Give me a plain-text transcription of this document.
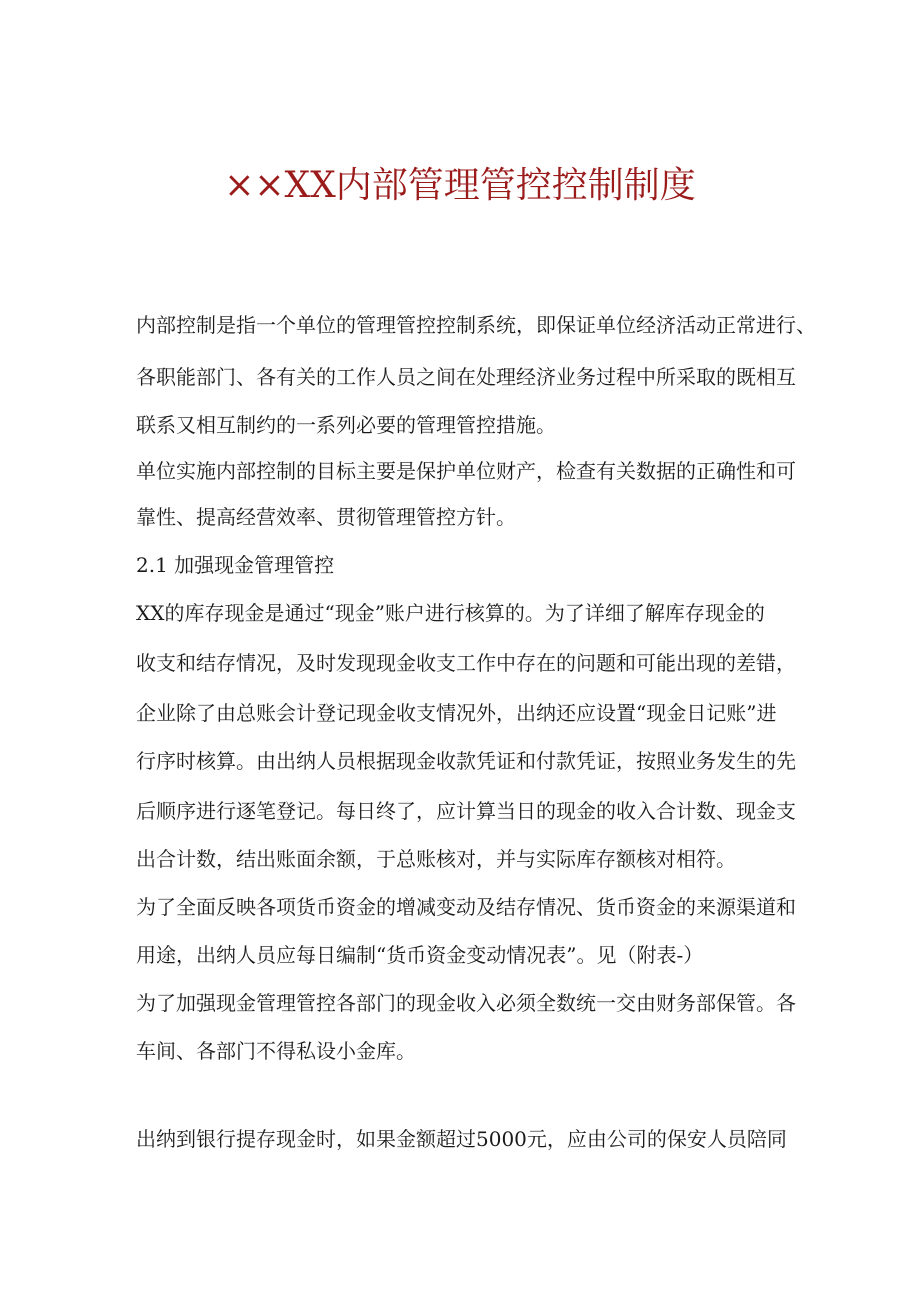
××XX内部管理管控控制制度
内部控制是指一个单位的管理管控控制系统，即保证单位经济活动正常进行、
各职能部门、各有关的工作人员之间在处理经济业务过程中所采取的既相互
联系又相互制约的一系列必要的管理管控措施。
单位实施内部控制的目标主要是保护单位财产，检查有关数据的正确性和可
靠性、提高经营效率、贯彻管理管控方针。
2.1 加强现金管理管控
XX的库存现金是通过“现金”账户进行核算的。为了详细了解库存现金的
收支和结存情况，及时发现现金收支工作中存在的问题和可能出现的差错，
企业除了由总账会计登记现金收支情况外，出纳还应设置“现金日记账”进
行序时核算。由出纳人员根据现金收款凭证和付款凭证，按照业务发生的先
后顺序进行逐笔登记。每日终了，应计算当日的现金的收入合计数、现金支
出合计数，结出账面余额，于总账核对，并与实际库存额核对相符。
为了全面反映各项货币资金的增减变动及结存情况、货币资金的来源渠道和
用途，出纳人员应每日编制“货币资金变动情况表”。见（附表-）
为了加强现金管理管控各部门的现金收入必须全数统一交由财务部保管。各
车间、各部门不得私设小金库。
出纳到银行提存现金时，如果金额超过5000元，应由公司的保安人员陪同
